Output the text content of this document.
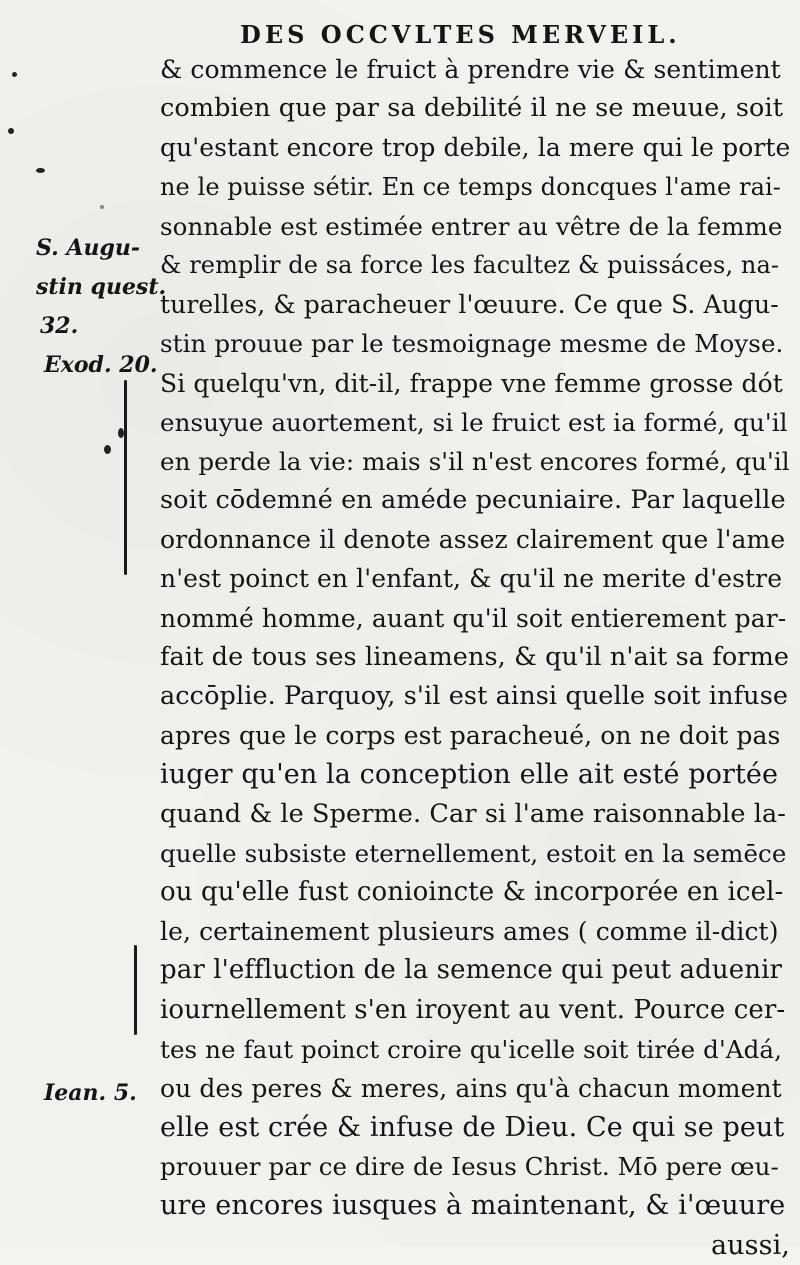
DES OCCVLTES MERVEIL.
S. Augu-
stin quest.
32.
Exod. 20.
Iean. 5.
& commence le fruict à prendre vie & sentiment
combien que par sa debilité il ne se meuue, soit
qu'estant encore trop debile, la mere qui le porte
ne le puisse sétir. En ce temps doncques l'ame rai-
sonnable est estimée entrer au vêtre de la femme
& remplir de sa force les facultez & puissáces, na-
turelles, & paracheuer l'œuure. Ce que S. Augu-
stin prouue par le tesmoignage mesme de Moyse.
Si quelqu'vn, dit-il, frappe vne femme grosse dót
ensuyue auortement, si le fruict est ia formé, qu'il
en perde la vie: mais s'il n'est encores formé, qu'il
soit cōdemné en améde pecuniaire. Par laquelle
ordonnance il denote assez clairement que l'ame
n'est poinct en l'enfant, & qu'il ne merite d'estre
nommé homme, auant qu'il soit entierement par-
fait de tous ses lineamens, & qu'il n'ait sa forme
accōplie. Parquoy, s'il est ainsi quelle soit infuse
apres que le corps est paracheué, on ne doit pas
iuger qu'en la conception elle ait esté portée
quand & le Sperme. Car si l'ame raisonnable la-
quelle subsiste eternellement, estoit en la semēce
ou qu'elle fust conioincte & incorporée en icel-
le, certainement plusieurs ames ( comme il-dict)
par l'effluction de la semence qui peut aduenir
iournellement s'en iroyent au vent. Pource cer-
tes ne faut poinct croire qu'icelle soit tirée d'Adá,
ou des peres & meres, ains qu'à chacun moment
elle est crée & infuse de Dieu. Ce qui se peut
prouuer par ce dire de Iesus Christ. Mō pere œu-
ure encores iusques à maintenant, & i'œuure
aussi,
